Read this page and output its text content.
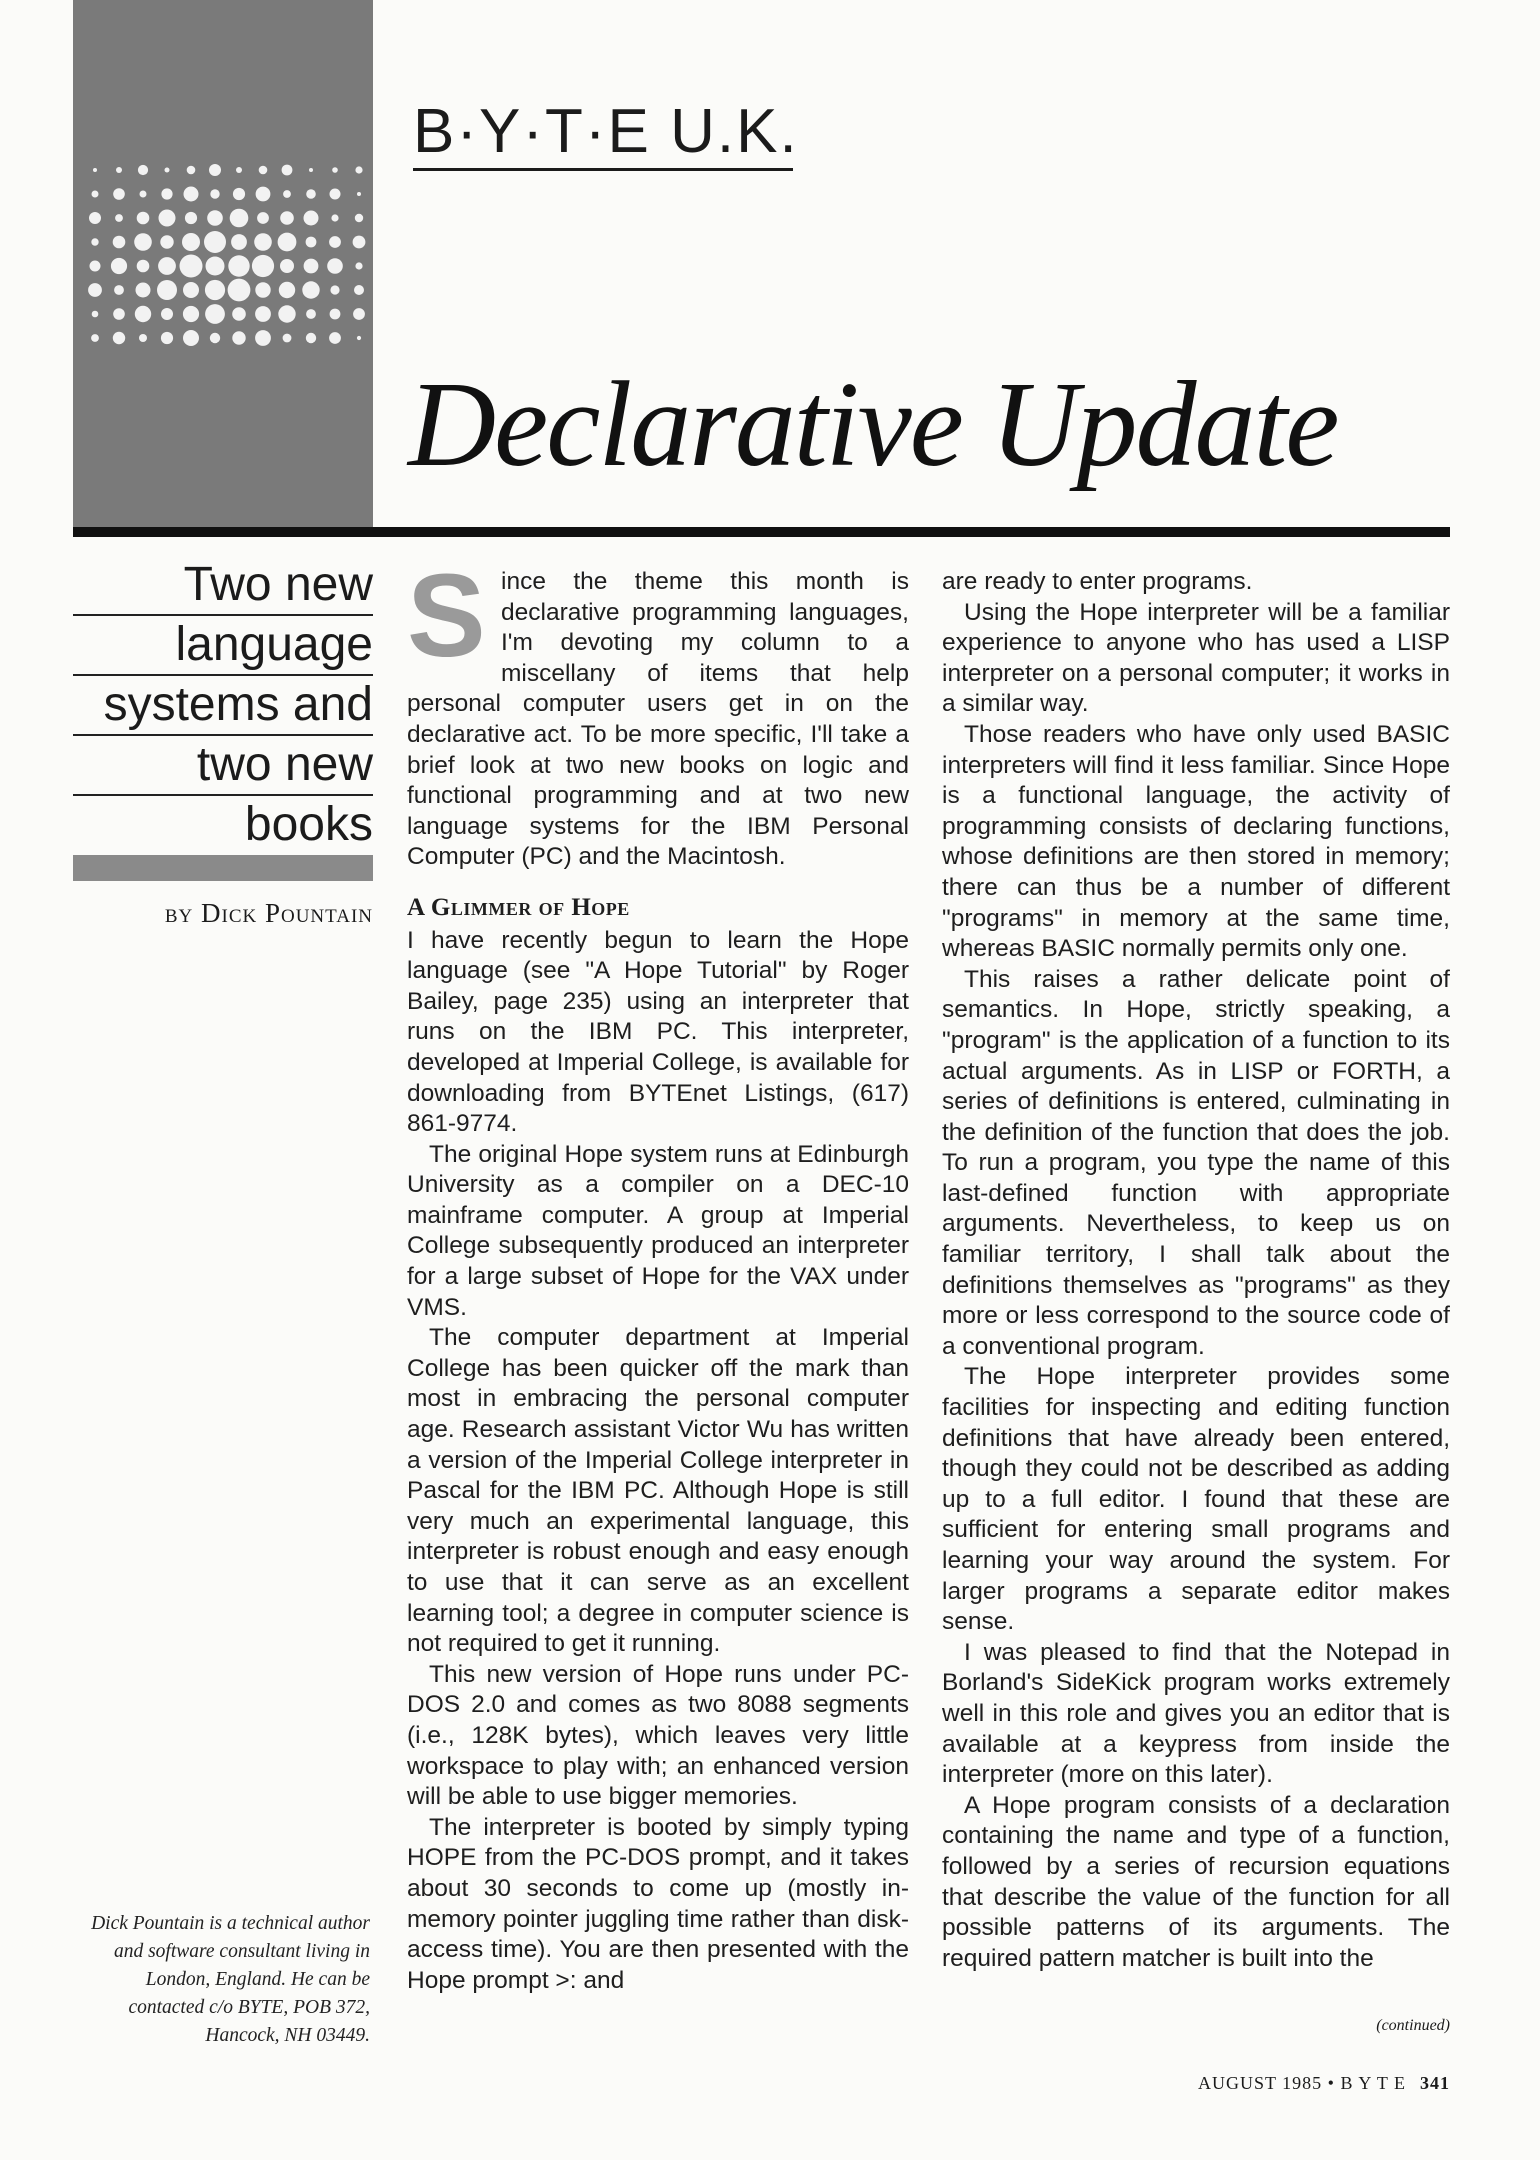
B·Y·T·E U.K.
Declarative Update
Two new
language
systems and
two new
books
by Dick Pountain
Dick Pountain is a technical author and software consultant living in London, England. He can be contacted c/o BYTE, POB 372, Hancock, NH 03449.

Since the theme this month is declarative programming languages, I'm devoting my column to a miscellany of items that help personal computer users get in on the declarative act. To be more specific, I'll take a brief look at two new books on logic and functional programming and at two new language systems for the IBM Personal Computer (PC) and the Macintosh.

A Glimmer of Hope

I have recently begun to learn the Hope language (see "A Hope Tutorial" by Roger Bailey, page 235) using an interpreter that runs on the IBM PC. This interpreter, developed at Imperial College, is available for downloading from BYTEnet Listings, (617) 861-9774.

The original Hope system runs at Edinburgh University as a compiler on a DEC-10 mainframe computer. A group at Imperial College subsequently produced an interpreter for a large subset of Hope for the VAX under VMS.

The computer department at Imperial College has been quicker off the mark than most in embracing the personal computer age. Research assistant Victor Wu has written a version of the Imperial College interpreter in Pascal for the IBM PC. Although Hope is still very much an experimental language, this interpreter is robust enough and easy enough to use that it can serve as an excellent learning tool; a degree in computer science is not required to get it running.

This new version of Hope runs under PC-DOS 2.0 and comes as two 8088 segments (i.e., 128K bytes), which leaves very little workspace to play with; an enhanced version will be able to use bigger memories.

The interpreter is booted by simply typing HOPE from the PC-DOS prompt, and it takes about 30 seconds to come up (mostly in-memory pointer juggling time rather than disk-access time). You are then presented with the Hope prompt >: and

are ready to enter programs.

Using the Hope interpreter will be a familiar experience to anyone who has used a LISP interpreter on a personal computer; it works in a similar way.

Those readers who have only used BASIC interpreters will find it less familiar. Since Hope is a functional language, the activity of programming consists of declaring functions, whose definitions are then stored in memory; there can thus be a number of different "programs" in memory at the same time, whereas BASIC normally permits only one.

This raises a rather delicate point of semantics. In Hope, strictly speaking, a "program" is the application of a function to its actual arguments. As in LISP or FORTH, a series of definitions is entered, culminating in the definition of the function that does the job. To run a program, you type the name of this last-defined function with appropriate arguments. Nevertheless, to keep us on familiar territory, I shall talk about the definitions themselves as "programs" as they more or less correspond to the source code of a conventional program.

The Hope interpreter provides some facilities for inspecting and editing function definitions that have already been entered, though they could not be described as adding up to a full editor. I found that these are sufficient for entering small programs and learning your way around the system. For larger programs a separate editor makes sense.

I was pleased to find that the Notepad in Borland's SideKick program works extremely well in this role and gives you an editor that is available at a keypress from inside the interpreter (more on this later).

A Hope program consists of a declaration containing the name and type of a function, followed by a series of recursion equations that describe the value of the function for all possible patterns of its arguments. The required pattern matcher is built into the

(continued)
AUGUST 1985 • B Y T E 341
